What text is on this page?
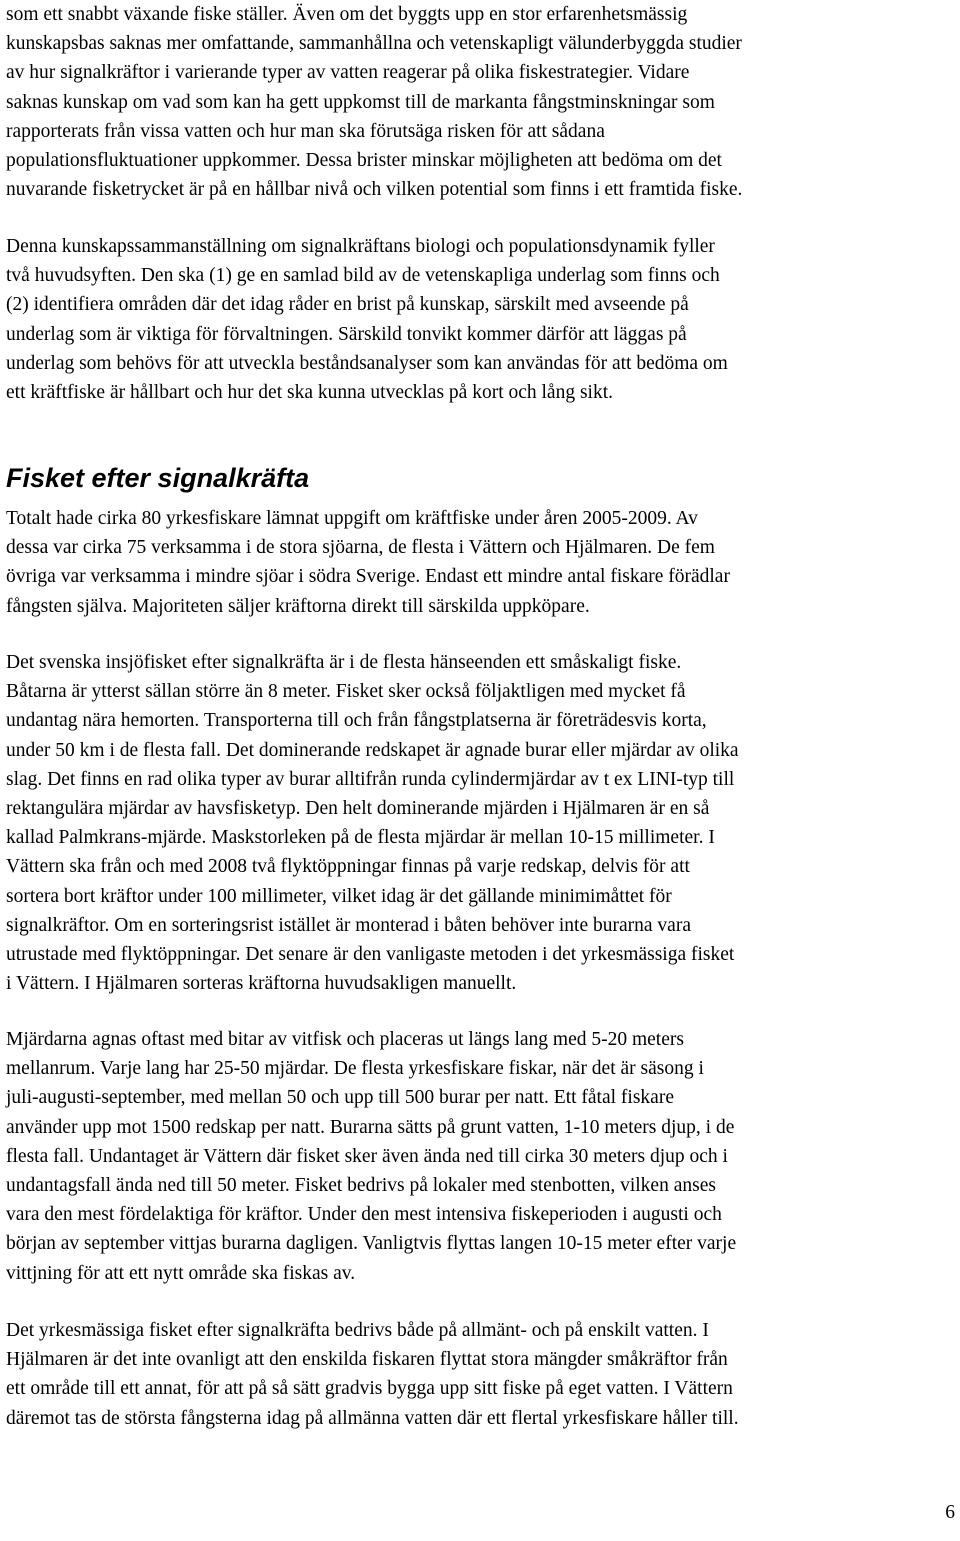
som ett snabbt växande fiske ställer. Även om det byggts upp en stor erfarenhetsmässig
kunskapsbas saknas mer omfattande, sammanhållna och vetenskapligt välunderbyggda studier
av hur signalkräftor i varierande typer av vatten reagerar på olika fiskestrategier. Vidare
saknas kunskap om vad som kan ha gett uppkomst till de markanta fångstminskningar som
rapporterats från vissa vatten och hur man ska förutsäga risken för att sådana
populationsfluktuationer uppkommer. Dessa brister minskar möjligheten att bedöma om det
nuvarande fisketrycket är på en hållbar nivå och vilken potential som finns i ett framtida fiske.

Denna kunskapssammanställning om signalkräftans biologi och populationsdynamik fyller
två huvudsyften. Den ska (1) ge en samlad bild av de vetenskapliga underlag som finns och
(2) identifiera områden där det idag råder en brist på kunskap, särskilt med avseende på
underlag som är viktiga för förvaltningen. Särskild tonvikt kommer därför att läggas på
underlag som behövs för att utveckla beståndsanalyser som kan användas för att bedöma om
ett kräftfiske är hållbart och hur det ska kunna utvecklas på kort och lång sikt.

Fisket efter signalkräfta

Totalt hade cirka 80 yrkesfiskare lämnat uppgift om kräftfiske under åren 2005-2009. Av
dessa var cirka 75 verksamma i de stora sjöarna, de flesta i Vättern och Hjälmaren. De fem
övriga var verksamma i mindre sjöar i södra Sverige. Endast ett mindre antal fiskare förädlar
fångsten själva. Majoriteten säljer kräftorna direkt till särskilda uppköpare.

Det svenska insjöfisket efter signalkräfta är i de flesta hänseenden ett småskaligt fiske.
Båtarna är ytterst sällan större än 8 meter. Fisket sker också följaktligen med mycket få
undantag nära hemorten. Transporterna till och från fångstplatserna är företrädesvis korta,
under 50 km i de flesta fall. Det dominerande redskapet är agnade burar eller mjärdar av olika
slag. Det finns en rad olika typer av burar alltifrån runda cylindermjärdar av t ex LINI-typ till
rektangulära mjärdar av havsfisketyp. Den helt dominerande mjärden i Hjälmaren är en så
kallad Palmkrans-mjärde. Maskstorleken på de flesta mjärdar är mellan 10-15 millimeter. I
Vättern ska från och med 2008 två flyktöppningar finnas på varje redskap, delvis för att
sortera bort kräftor under 100 millimeter, vilket idag är det gällande minimimåttet för
signalkräftor. Om en sorteringsrist istället är monterad i båten behöver inte burarna vara
utrustade med flyktöppningar. Det senare är den vanligaste metoden i det yrkesmässiga fisket
i Vättern. I Hjälmaren sorteras kräftorna huvudsakligen manuellt.

Mjärdarna agnas oftast med bitar av vitfisk och placeras ut längs lang med 5-20 meters
mellanrum. Varje lang har 25-50 mjärdar. De flesta yrkesfiskare fiskar, när det är säsong i
juli-augusti-september, med mellan 50 och upp till 500 burar per natt. Ett fåtal fiskare
använder upp mot 1500 redskap per natt. Burarna sätts på grunt vatten, 1-10 meters djup, i de
flesta fall. Undantaget är Vättern där fisket sker även ända ned till cirka 30 meters djup och i
undantagsfall ända ned till 50 meter. Fisket bedrivs på lokaler med stenbotten, vilken anses
vara den mest fördelaktiga för kräftor. Under den mest intensiva fiskeperioden i augusti och
början av september vittjas burarna dagligen. Vanligtvis flyttas langen 10-15 meter efter varje
vittjning för att ett nytt område ska fiskas av.

Det yrkesmässiga fisket efter signalkräfta bedrivs både på allmänt- och på enskilt vatten. I
Hjälmaren är det inte ovanligt att den enskilda fiskaren flyttat stora mängder småkräftor från
ett område till ett annat, för att på så sätt gradvis bygga upp sitt fiske på eget vatten. I Vättern
däremot tas de största fångsterna idag på allmänna vatten där ett flertal yrkesfiskare håller till.

6
